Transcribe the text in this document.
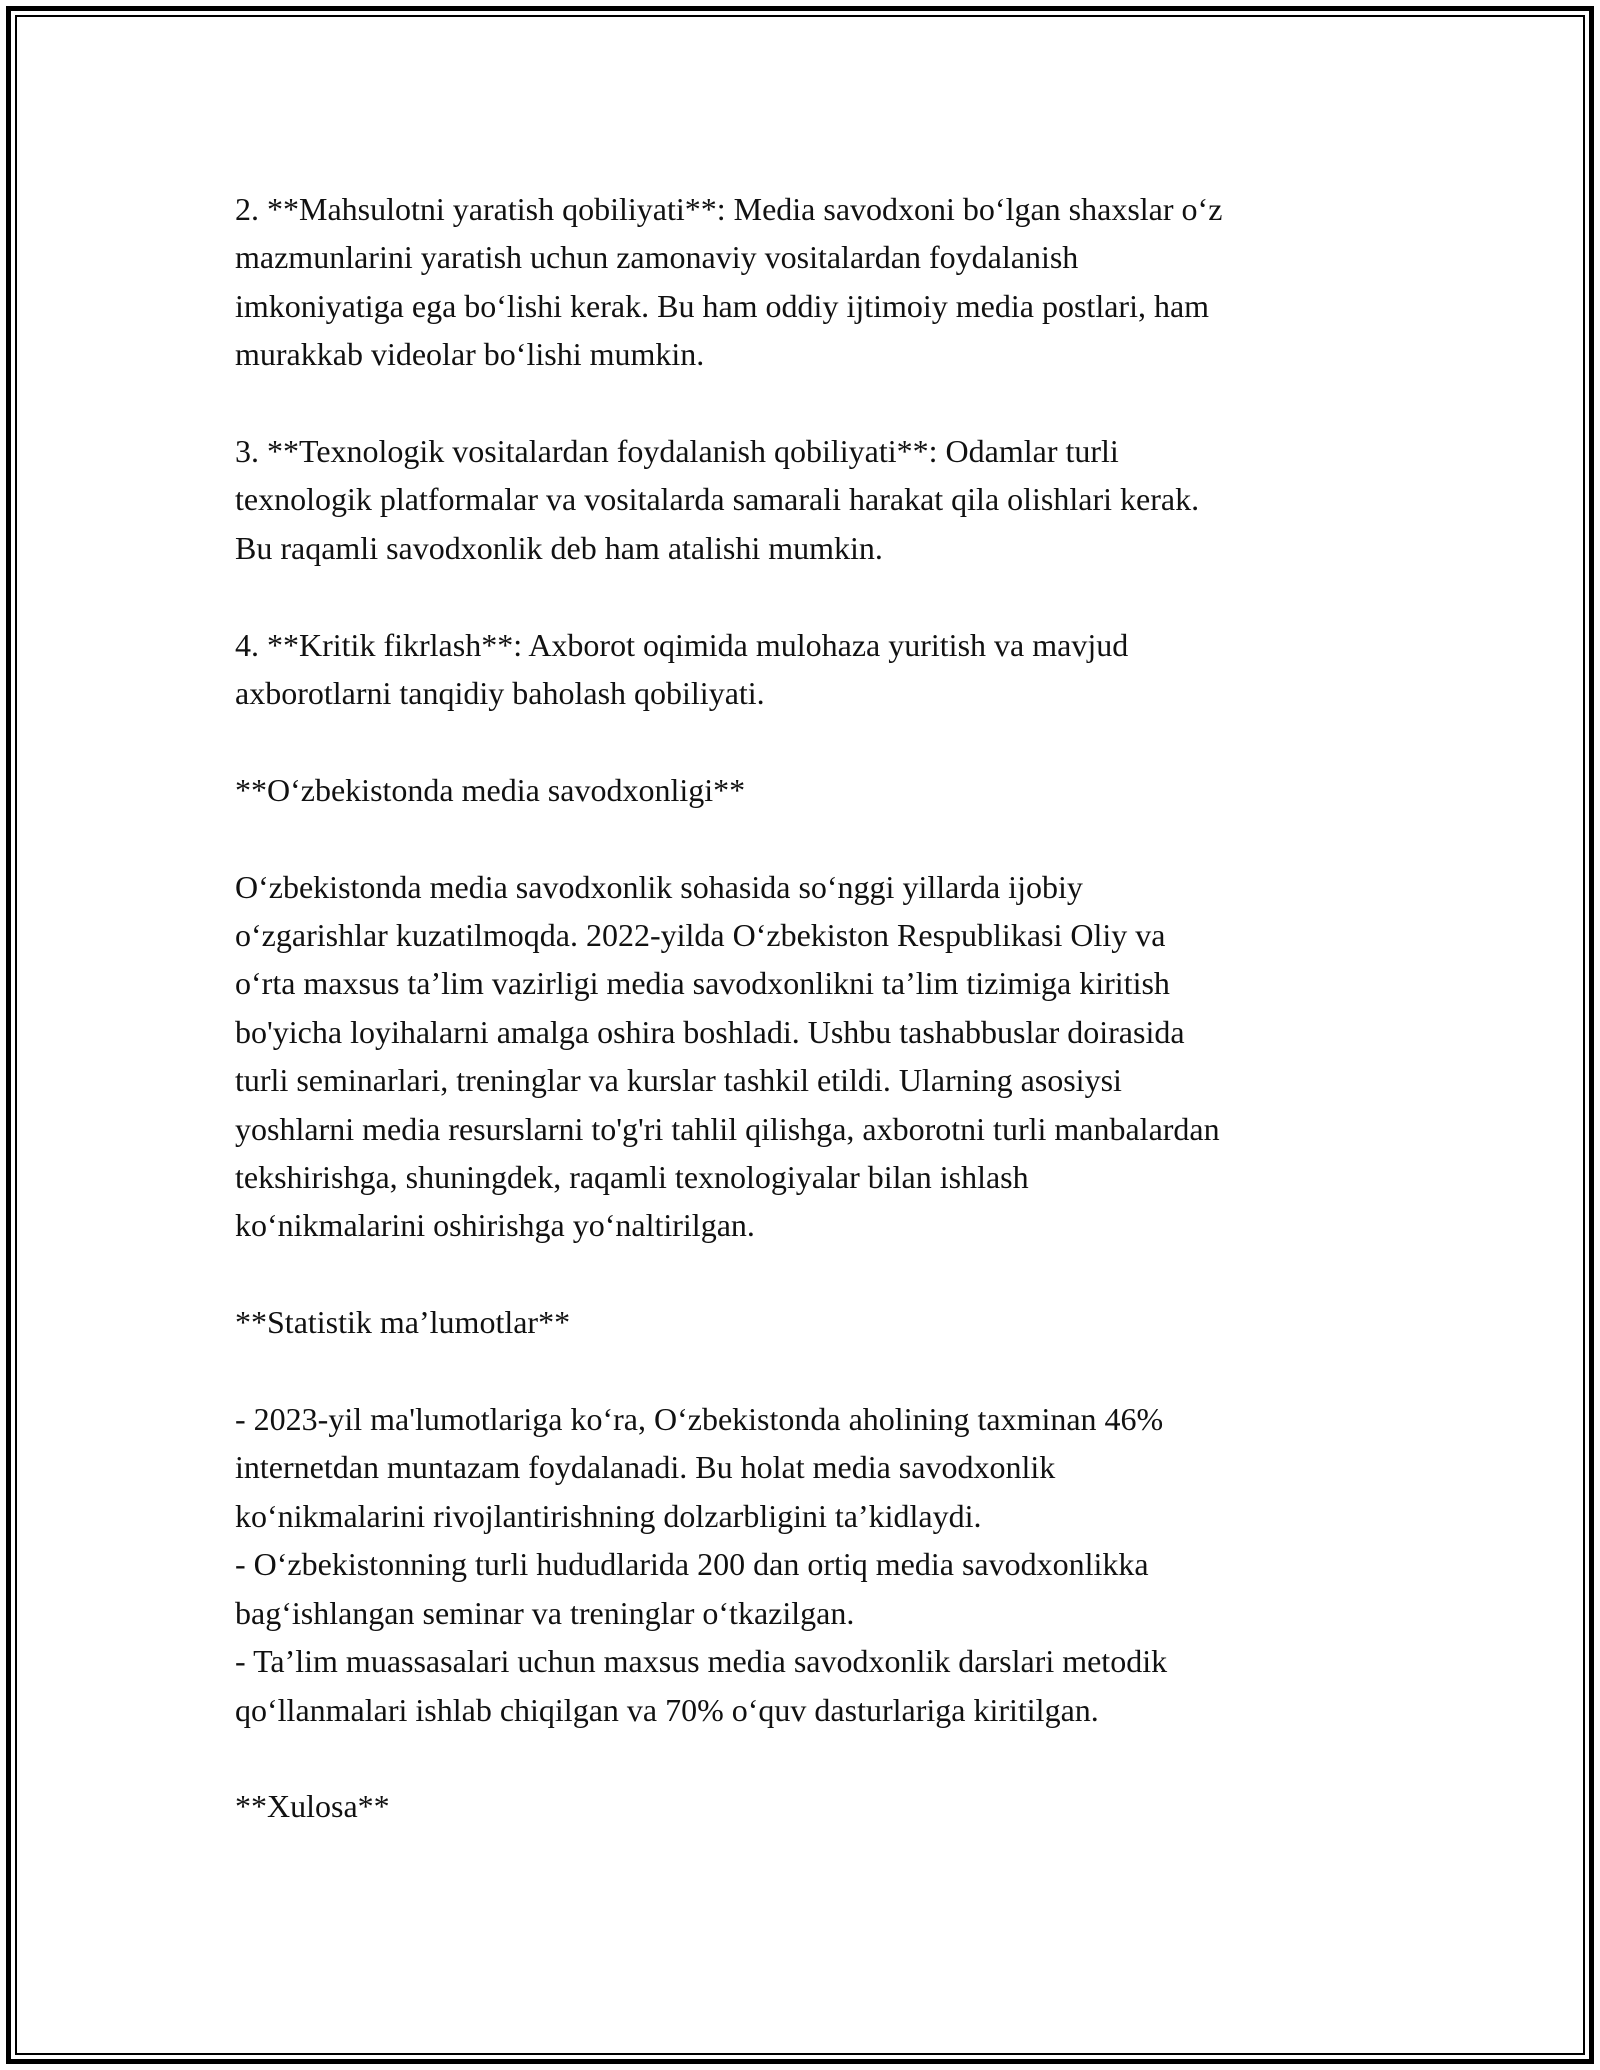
2. **Mahsulotni yaratish qobiliyati**: Media savodxoni boʻlgan shaxslar oʻz
mazmunlarini yaratish uchun zamonaviy vositalardan foydalanish
imkoniyatiga ega boʻlishi kerak. Bu ham oddiy ijtimoiy media postlari, ham
murakkab videolar boʻlishi mumkin.
3. **Texnologik vositalardan foydalanish qobiliyati**: Odamlar turli
texnologik platformalar va vositalarda samarali harakat qila olishlari kerak.
Bu raqamli savodxonlik deb ham atalishi mumkin.
4. **Kritik fikrlash**: Axborot oqimida mulohaza yuritish va mavjud
axborotlarni tanqidiy baholash qobiliyati.
**Oʻzbekistonda media savodxonligi**
Oʻzbekistonda media savodxonlik sohasida soʻnggi yillarda ijobiy
oʻzgarishlar kuzatilmoqda. 2022-yilda Oʻzbekiston Respublikasi Oliy va
oʻrta maxsus taʼlim vazirligi media savodxonlikni taʼlim tizimiga kiritish
bo'yicha loyihalarni amalga oshira boshladi. Ushbu tashabbuslar doirasida
turli seminarlari, treninglar va kurslar tashkil etildi. Ularning asosiysi
yoshlarni media resurslarni to'g'ri tahlil qilishga, axborotni turli manbalardan
tekshirishga, shuningdek, raqamli texnologiyalar bilan ishlash
koʻnikmalarini oshirishga yoʻnaltirilgan.
**Statistik maʼlumotlar**
- 2023-yil ma'lumotlariga koʻra, Oʻzbekistonda aholining taxminan 46%
internetdan muntazam foydalanadi. Bu holat media savodxonlik
koʻnikmalarini rivojlantirishning dolzarbligini taʼkidlaydi.
- Oʻzbekistonning turli hududlarida 200 dan ortiq media savodxonlikka
bagʻishlangan seminar va treninglar oʻtkazilgan.
- Taʼlim muassasalari uchun maxsus media savodxonlik darslari metodik
qoʻllanmalari ishlab chiqilgan va 70% oʻquv dasturlariga kiritilgan.
**Xulosa**
